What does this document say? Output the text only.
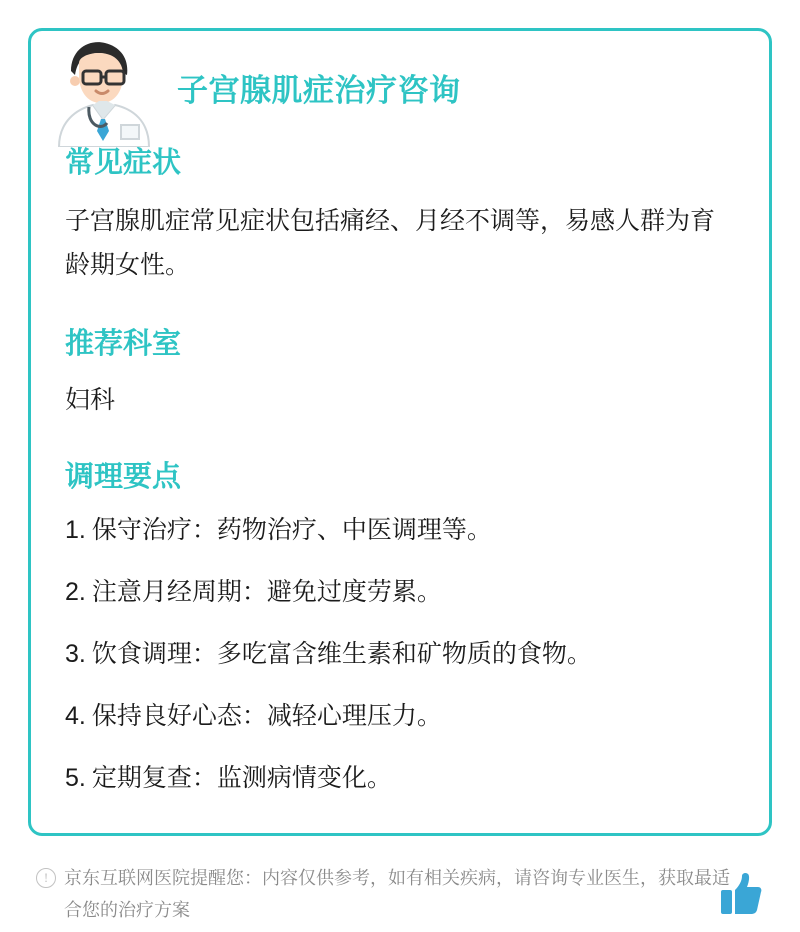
子宫腺肌症治疗咨询
常见症状

子宫腺肌症常见症状包括痛经、月经不调等，易感人群为育龄期女性。

推荐科室

妇科

调理要点
1. 保守治疗：药物治疗、中医调理等。
2. 注意月经周期：避免过度劳累。
3. 饮食调理：多吃富含维生素和矿物质的食物。
4. 保持良好心态：减轻心理压力。
5. 定期复查：监测病情变化。
! 京东互联网医院提醒您：内容仅供参考，如有相关疾病，请咨询专业医生，获取最适合您的治疗方案
